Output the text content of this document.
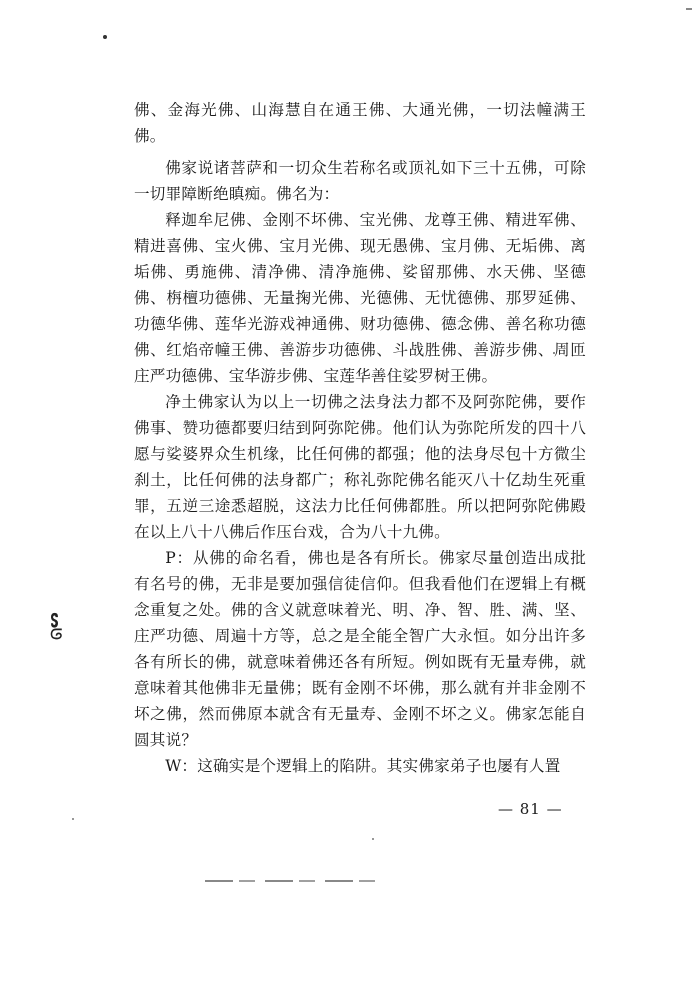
ᔕᘎ

佛、金海光佛、山海慧自在通王佛、大通光佛，一切法幢满王佛。

佛家说诸菩萨和一切众生若称名或顶礼如下三十五佛，可除一切罪障断绝瞋痴。佛名为：

释迦牟尼佛、金刚不坏佛、宝光佛、龙尊王佛、精进军佛、精进喜佛、宝火佛、宝月光佛、现无愚佛、宝月佛、无垢佛、离垢佛、勇施佛、清净佛、清净施佛、娑留那佛、水天佛、坚德佛、栴檀功德佛、无量掬光佛、光德佛、无忧德佛、那罗延佛、功德华佛、莲华光游戏神通佛、财功德佛、德念佛、善名称功德佛、红焰帝幢王佛、善游步功德佛、斗战胜佛、善游步佛、周匝庄严功德佛、宝华游步佛、宝莲华善住娑罗树王佛。

净土佛家认为以上一切佛之法身法力都不及阿弥陀佛，要作佛事、赞功德都要归结到阿弥陀佛。他们认为弥陀所发的四十八愿与娑婆界众生机缘，比任何佛的都强；他的法身尽包十方微尘刹土，比任何佛的法身都广；称礼弥陀佛名能灭八十亿劫生死重罪，五逆三途悉超脱，这法力比任何佛都胜。所以把阿弥陀佛殿在以上八十八佛后作压台戏，合为八十九佛。

P：从佛的命名看，佛也是各有所长。佛家尽量创造出成批有名号的佛，无非是要加强信徒信仰。但我看他们在逻辑上有概念重复之处。佛的含义就意味着光、明、净、智、胜、满、坚、庄严功德、周遍十方等，总之是全能全智广大永恒。如分出许多各有所长的佛，就意味着佛还各有所短。例如既有无量寿佛，就意味着其他佛非无量佛；既有金刚不坏佛，那么就有并非金刚不坏之佛，然而佛原本就含有无量寿、金刚不坏之义。佛家怎能自圆其说？

W：这确实是个逻辑上的陷阱。其实佛家弟子也屡有人置

— 81 —
